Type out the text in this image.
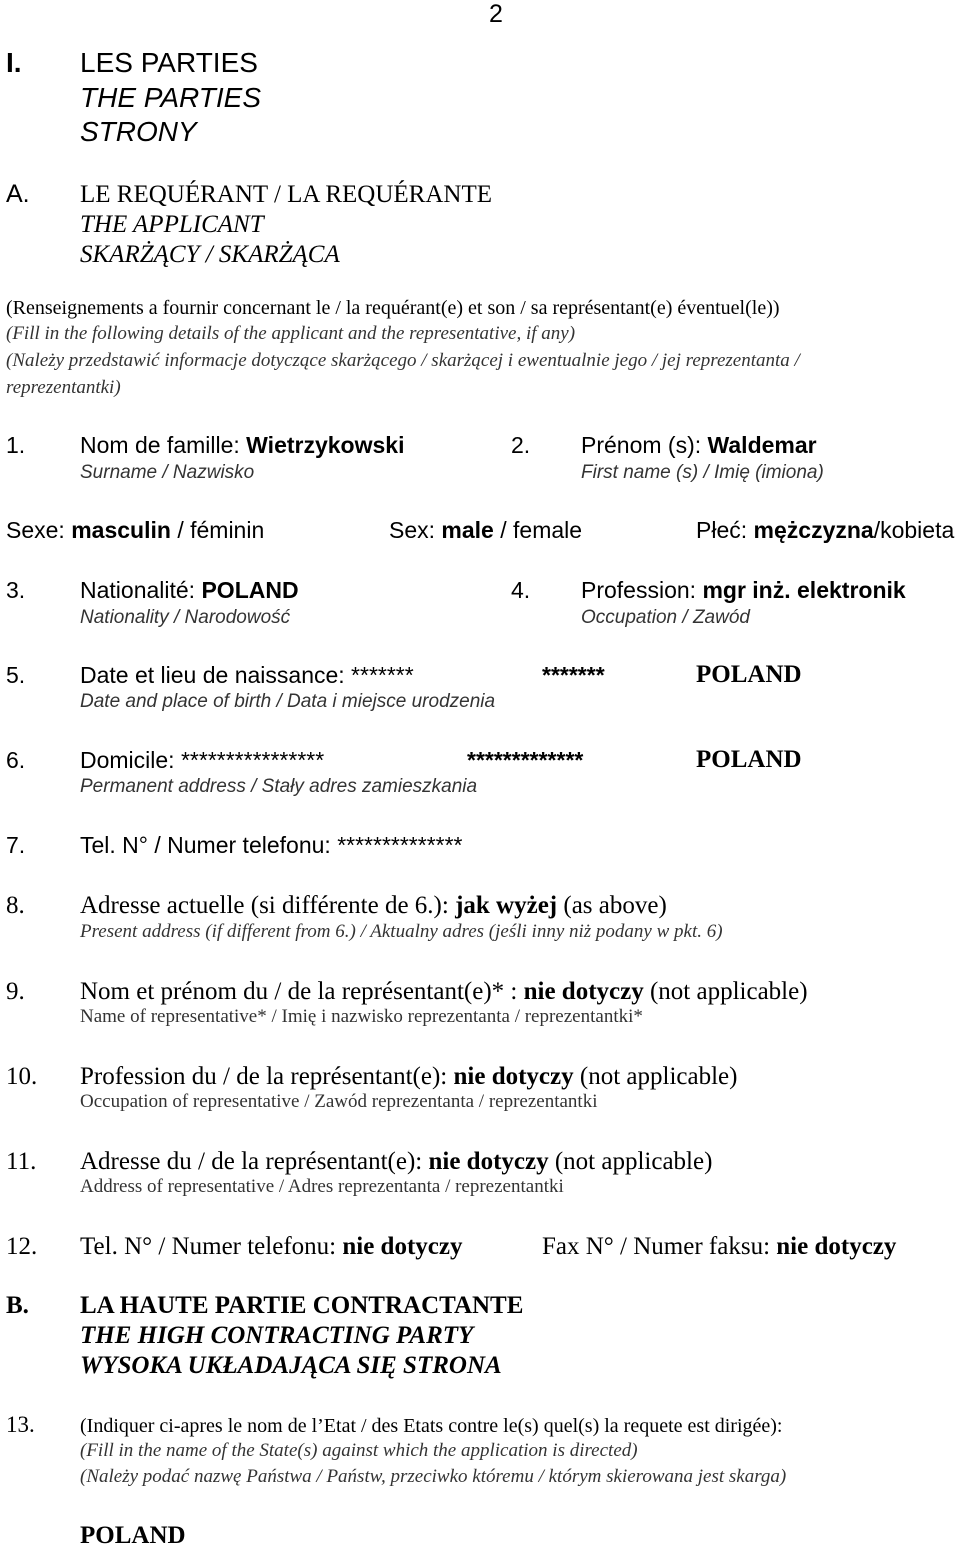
2
I. LES PARTIES
THE PARTIES
STRONY
A. LE REQUÉRANT / LA REQUÉRANTE
THE APPLICANT
SKARŻĄCY / SKARŻĄCA
(Renseignements a fournir concernant le / la requérant(e) et son / sa représentant(e) éventuel(le))
(Fill in the following details of the applicant and the representative, if any)
(Należy przedstawić informacje dotyczące skarżącego / skarżącej i ewentualnie jego / jej reprezentanta /
reprezentantki)
1. Nom de famille: Wietrzykowski
Surname / Nazwisko
2. Prénom (s): Waldemar
First name (s) / Imię (imiona)
Sexe: masculin / féminin	Sex: male / female	Płeć: mężczyzna/kobieta
3. Nationalité: POLAND
Nationality / Narodowość
4. Profession: mgr inż. elektronik
Occupation / Zawód
5. Date et lieu de naissance: *******	*******	POLAND
Date and place of birth / Data i miejsce urodzenia
6. Domicile: ****************	*************	POLAND
Permanent address / Stały adres zamieszkania
7. Tel. N° / Numer telefonu: **************
8. Adresse actuelle (si différente de 6.): jak wyżej (as above)
Present address (if different from 6.) / Aktualny adres (jeśli inny niż podany w pkt. 6)
9. Nom et prénom du / de la représentant(e)* : nie dotyczy (not applicable)
Name of representative* / Imię i nazwisko reprezentanta / reprezentantki*
10. Profession du / de la représentant(e): nie dotyczy (not applicable)
Occupation of representative / Zawód reprezentanta / reprezentantki
11. Adresse du / de la représentant(e): nie dotyczy (not applicable)
Address of representative / Adres reprezentanta / reprezentantki
12. Tel. N° / Numer telefonu: nie dotyczy	Fax N° / Numer faksu: nie dotyczy
B. LA HAUTE PARTIE CONTRACTANTE
THE HIGH CONTRACTING PARTY
WYSOKA UKŁADAJĄCA SIĘ STRONA
13. (Indiquer ci-apres le nom de l’Etat / des Etats contre le(s) quel(s) la requete est dirigée):
(Fill in the name of the State(s) against which the application is directed)
(Należy podać nazwę Państwa / Państw, przeciwko któremu / którym skierowana jest skarga)
POLAND
